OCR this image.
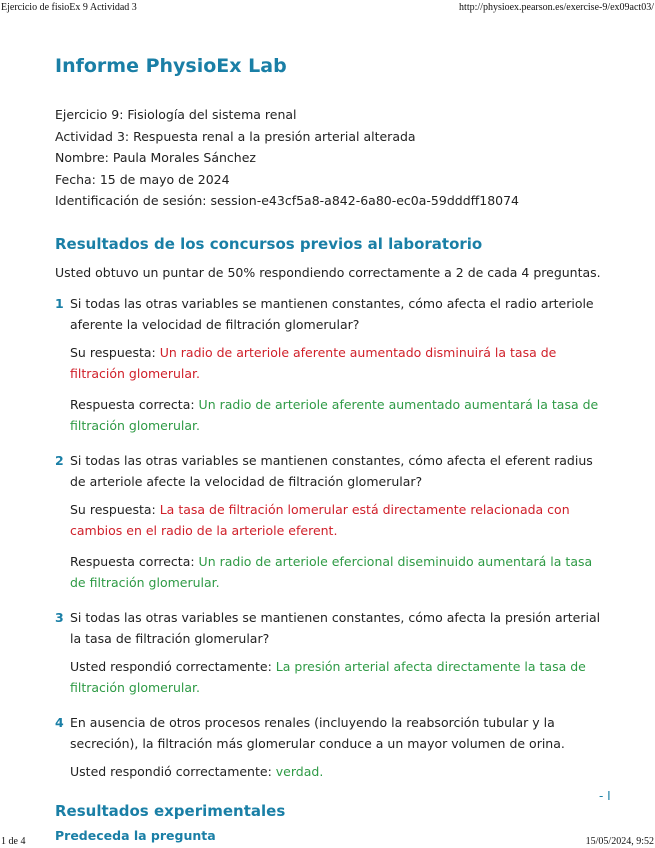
Ejercicio de fisioEx 9 Actividad 3	http://physioex.pearson.es/exercise-9/ex09act03/
Informe PhysioEx Lab
Ejercicio 9: Fisiología del sistema renal
Actividad 3: Respuesta renal a la presión arterial alterada
Nombre: Paula Morales Sánchez
Fecha: 15 de mayo de 2024
Identificación de sesión: session-e43cf5a8-a842-6a80-ec0a-59dddff18074
Resultados de los concursos previos al laboratorio
Usted obtuvo un puntar de 50% respondiendo correctamente a 2 de cada 4 preguntas.
1 Si todas las otras variables se mantienen constantes, cómo afecta el radio arteriole aferente la velocidad de filtración glomerular?
Su respuesta: Un radio de arteriole aferente aumentado disminuirá la tasa de filtración glomerular.
Respuesta correcta: Un radio de arteriole aferente aumentado aumentará la tasa de filtración glomerular.
2 Si todas las otras variables se mantienen constantes, cómo afecta el eferent radius de arteriole afecte la velocidad de filtración glomerular?
Su respuesta: La tasa de filtración lomerular está directamente relacionada con cambios en el radio de la arteriole eferent.
Respuesta correcta: Un radio de arteriole efercional diseminuido aumentará la tasa de filtración glomerular.
3 Si todas las otras variables se mantienen constantes, cómo afecta la presión arterial la tasa de filtración glomerular?
Usted respondió correctamente: La presión arterial afecta directamente la tasa de filtración glomerular.
4 En ausencia de otros procesos renales (incluyendo la reabsorción tubular y la secreción), la filtración más glomerular conduce a un mayor volumen de orina.
Usted respondió correctamente: verdad.
Resultados experimentales
Predeceda la pregunta
- I
1 de 4	15/05/2024, 9:52
